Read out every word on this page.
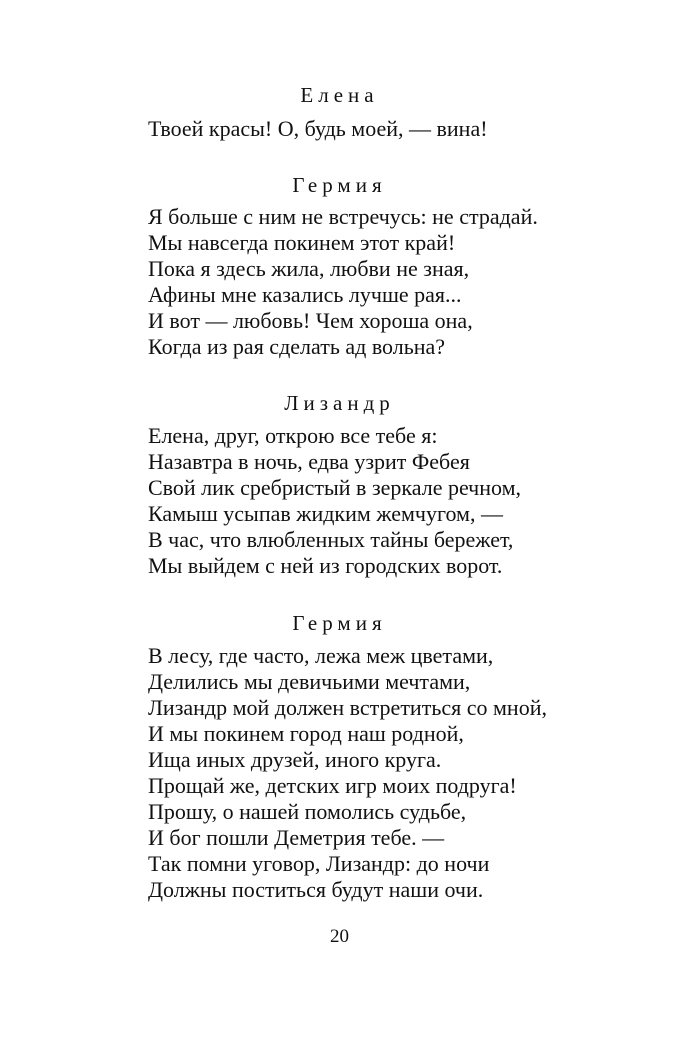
Елена
Твоей красы! О, будь моей, — вина!
Гермия
Я больше с ним не встречусь: не страдай.
Мы навсегда покинем этот край!
Пока я здесь жила, любви не зная,
Афины мне казались лучше рая...
И вот — любовь! Чем хороша она,
Когда из рая сделать ад вольна?
Лизандр
Елена, друг, открою все тебе я:
Назавтра в ночь, едва узрит Фебея
Свой лик сребристый в зеркале речном,
Камыш усыпав жидким жемчугом, —
В час, что влюбленных тайны бережет,
Мы выйдем с ней из городских ворот.
Гермия
В лесу, где часто, лежа меж цветами,
Делились мы девичьими мечтами,
Лизандр мой должен встретиться со мной,
И мы покинем город наш родной,
Ища иных друзей, иного круга.
Прощай же, детских игр моих подруга!
Прошу, о нашей помолись судьбе,
И бог пошли Деметрия тебе. —
Так помни уговор, Лизандр: до ночи
Должны поститься будут наши очи.
20
